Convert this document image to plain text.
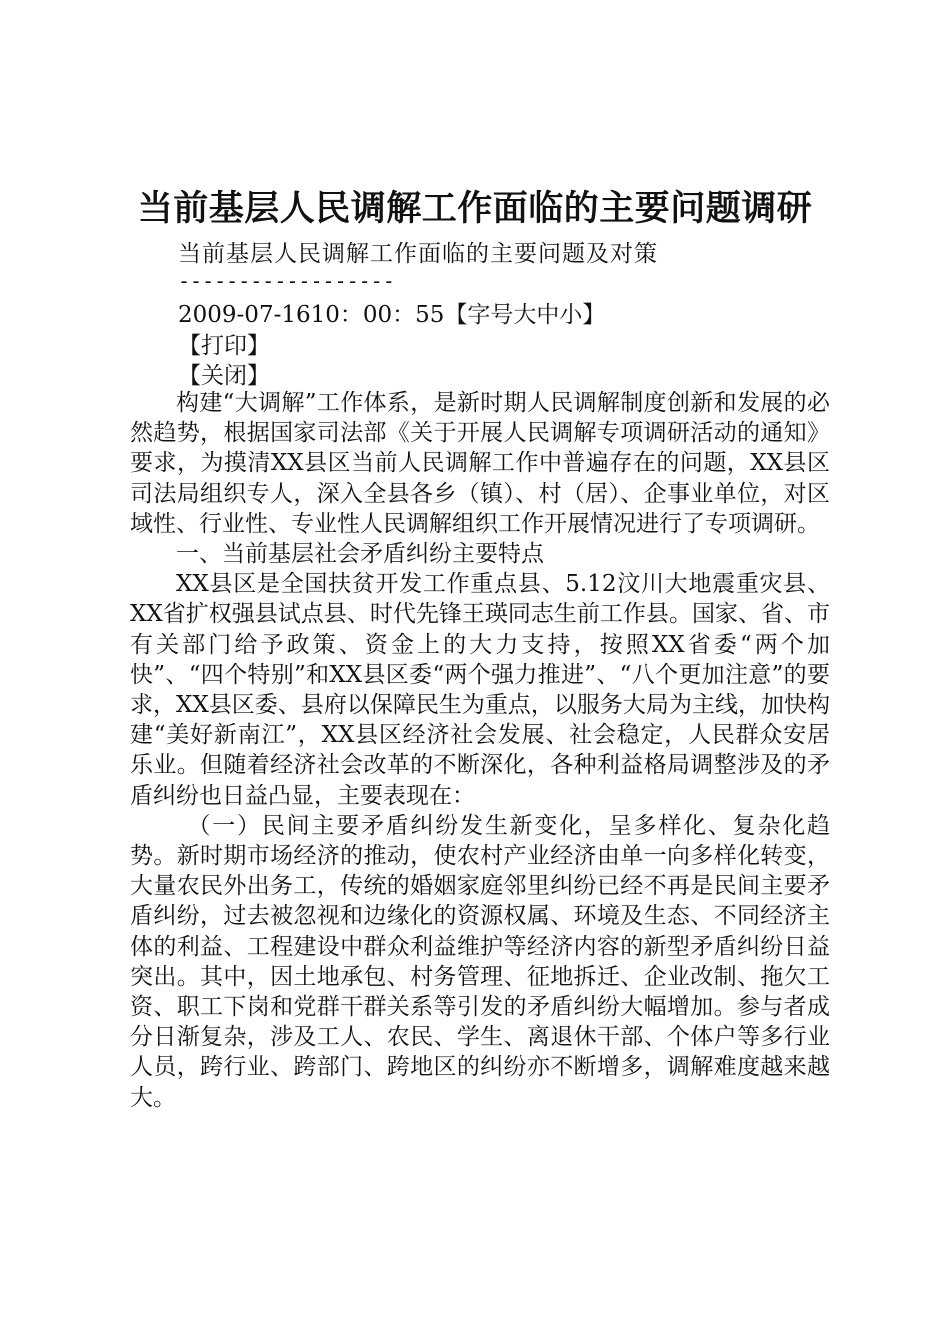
当前基层人民调解工作面临的主要问题调研
当前基层人民调解工作面临的主要问题及对策
------------------
2009-07-1610：00：55【字号大中小】
【打印】
【关闭】

构建“大调解”工作体系，是新时期人民调解制度创新和发展的必然趋势，根据国家司法部《关于开展人民调解专项调研活动的通知》要求，为摸清XX县区当前人民调解工作中普遍存在的问题，XX县区司法局组织专人，深入全县各乡（镇）、村（居）、企事业单位，对区域性、行业性、专业性人民调解组织工作开展情况进行了专项调研。

一、当前基层社会矛盾纠纷主要特点

XX县区是全国扶贫开发工作重点县、5.12汶川大地震重灾县、XX省扩权强县试点县、时代先锋王瑛同志生前工作县。国家、省、市有关部门给予政策、资金上的大力支持，按照XX省委“两个加快”、“四个特别”和XX县区委“两个强力推进”、“八个更加注意”的要求，XX县区委、县府以保障民生为重点，以服务大局为主线，加快构建“美好新南江”，XX县区经济社会发展、社会稳定，人民群众安居乐业。但随着经济社会改革的不断深化，各种利益格局调整涉及的矛盾纠纷也日益凸显，主要表现在：

（一）民间主要矛盾纠纷发生新变化，呈多样化、复杂化趋势。新时期市场经济的推动，使农村产业经济由单一向多样化转变，大量农民外出务工，传统的婚姻家庭邻里纠纷已经不再是民间主要矛盾纠纷，过去被忽视和边缘化的资源权属、环境及生态、不同经济主体的利益、工程建设中群众利益维护等经济内容的新型矛盾纠纷日益突出。其中，因土地承包、村务管理、征地拆迁、企业改制、拖欠工资、职工下岗和党群干群关系等引发的矛盾纠纷大幅增加。参与者成分日渐复杂，涉及工人、农民、学生、离退休干部、个体户等多行业人员，跨行业、跨部门、跨地区的纠纷亦不断增多，调解难度越来越大。
